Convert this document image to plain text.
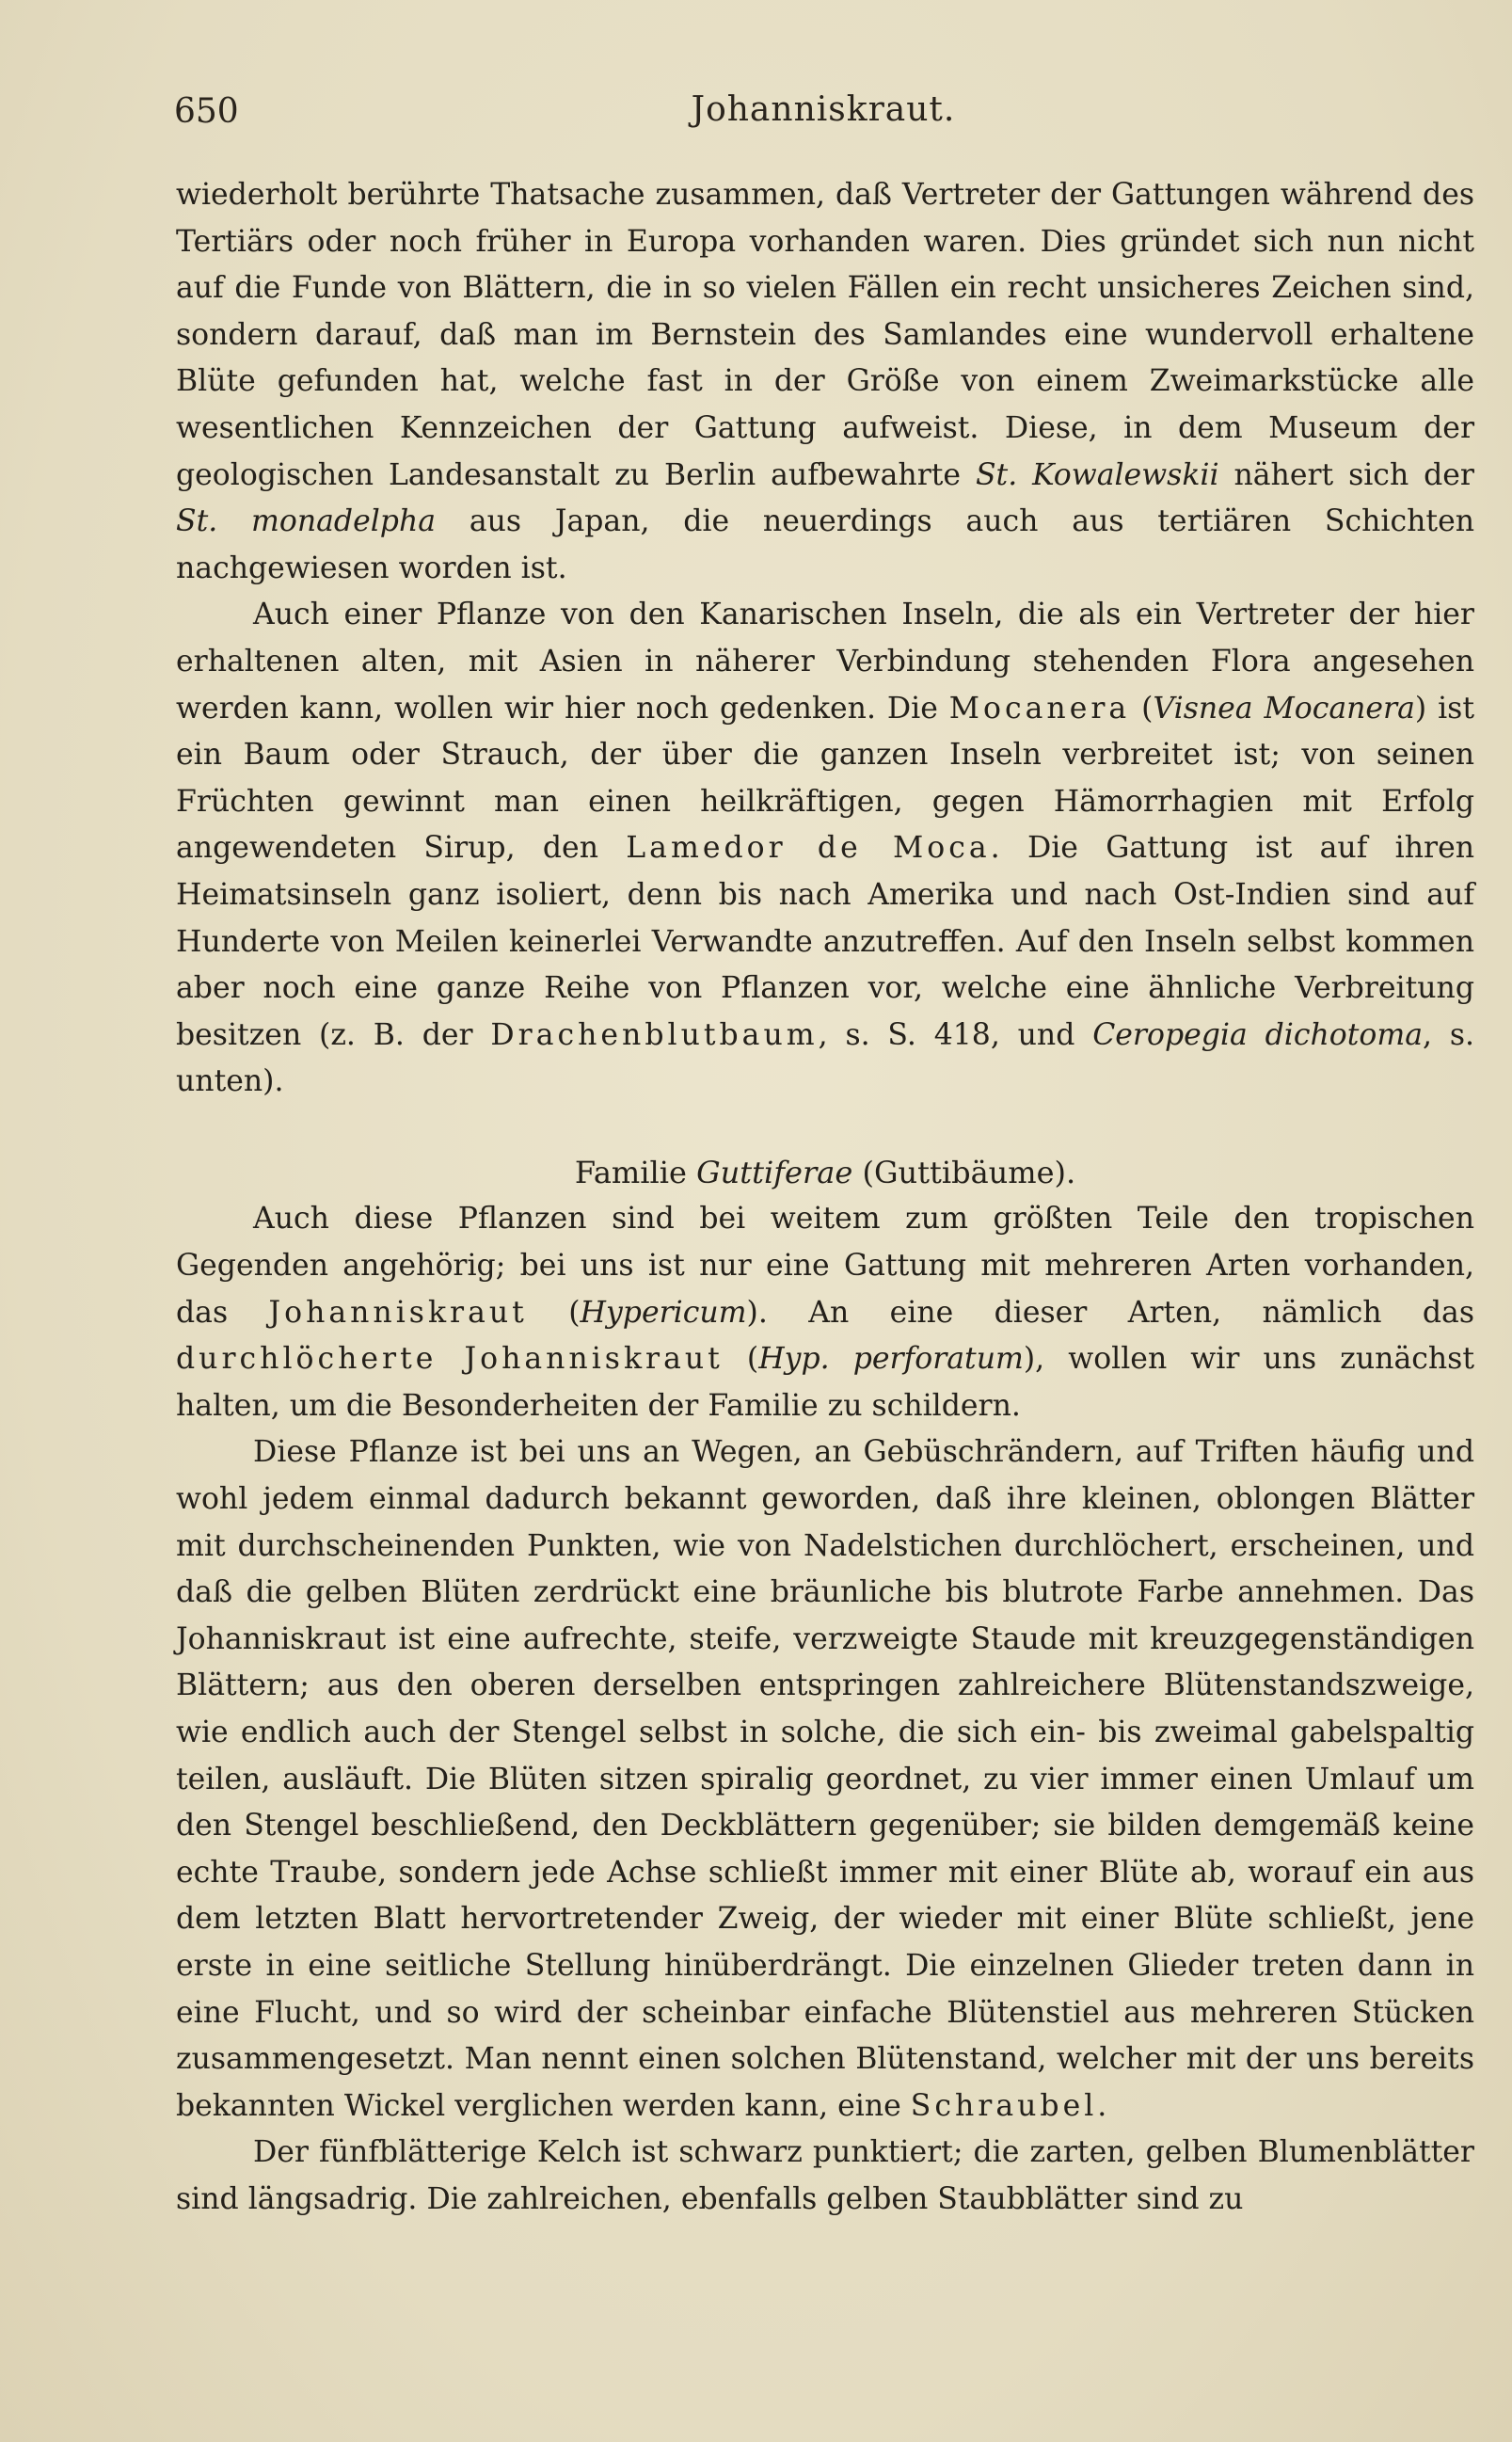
650	Johanniskraut.

wiederholt berührte Thatsache zusammen, daß Vertreter der Gattungen während des Tertiärs oder noch früher in Europa vorhanden waren. Dies gründet sich nun nicht auf die Funde von Blättern, die in so vielen Fällen ein recht unsicheres Zeichen sind, sondern darauf, daß man im Bernstein des Samlandes eine wundervoll erhaltene Blüte gefunden hat, welche fast in der Größe von einem Zweimarkstücke alle wesentlichen Kennzeichen der Gattung aufweist. Diese, in dem Museum der geologischen Landesanstalt zu Berlin aufbewahrte St. Kowalewskii nähert sich der St. monadelpha aus Japan, die neuerdings auch aus tertiären Schichten nachgewiesen worden ist.

Auch einer Pflanze von den Kanarischen Inseln, die als ein Vertreter der hier erhaltenen alten, mit Asien in näherer Verbindung stehenden Flora angesehen werden kann, wollen wir hier noch gedenken. Die Mocanera (Visnea Mocanera) ist ein Baum oder Strauch, der über die ganzen Inseln verbreitet ist; von seinen Früchten gewinnt man einen heilkräftigen, gegen Hämorrhagien mit Erfolg angewendeten Sirup, den Lamedor de Moca. Die Gattung ist auf ihren Heimatsinseln ganz isoliert, denn bis nach Amerika und nach Ost-Indien sind auf Hunderte von Meilen keinerlei Verwandte anzutreffen. Auf den Inseln selbst kommen aber noch eine ganze Reihe von Pflanzen vor, welche eine ähnliche Verbreitung besitzen (z. B. der Drachenblutbaum, s. S. 418, und Ceropegia dichotoma, s. unten).

Familie Guttiferae (Guttibäume).

Auch diese Pflanzen sind bei weitem zum größten Teile den tropischen Gegenden angehörig; bei uns ist nur eine Gattung mit mehreren Arten vorhanden, das Johanniskraut (Hypericum). An eine dieser Arten, nämlich das durchlöcherte Johanniskraut (Hyp. perforatum), wollen wir uns zunächst halten, um die Besonderheiten der Familie zu schildern.

Diese Pflanze ist bei uns an Wegen, an Gebüschrändern, auf Triften häufig und wohl jedem einmal dadurch bekannt geworden, daß ihre kleinen, oblongen Blätter mit durchscheinenden Punkten, wie von Nadelstichen durchlöchert, erscheinen, und daß die gelben Blüten zerdrückt eine bräunliche bis blutrote Farbe annehmen. Das Johanniskraut ist eine aufrechte, steife, verzweigte Staude mit kreuzgegenständigen Blättern; aus den oberen derselben entspringen zahlreichere Blütenstandszweige, wie endlich auch der Stengel selbst in solche, die sich ein- bis zweimal gabelspaltig teilen, ausläuft. Die Blüten sitzen spiralig geordnet, zu vier immer einen Umlauf um den Stengel beschließend, den Deckblättern gegenüber; sie bilden demgemäß keine echte Traube, sondern jede Achse schließt immer mit einer Blüte ab, worauf ein aus dem letzten Blatt hervortretender Zweig, der wieder mit einer Blüte schließt, jene erste in eine seitliche Stellung hinüberdrängt. Die einzelnen Glieder treten dann in eine Flucht, und so wird der scheinbar einfache Blütenstiel aus mehreren Stücken zusammengesetzt. Man nennt einen solchen Blütenstand, welcher mit der uns bereits bekannten Wickel verglichen werden kann, eine Schraubel.

Der fünfblätterige Kelch ist schwarz punktiert; die zarten, gelben Blumenblätter sind längsadrig. Die zahlreichen, ebenfalls gelben Staubblätter sind zu
